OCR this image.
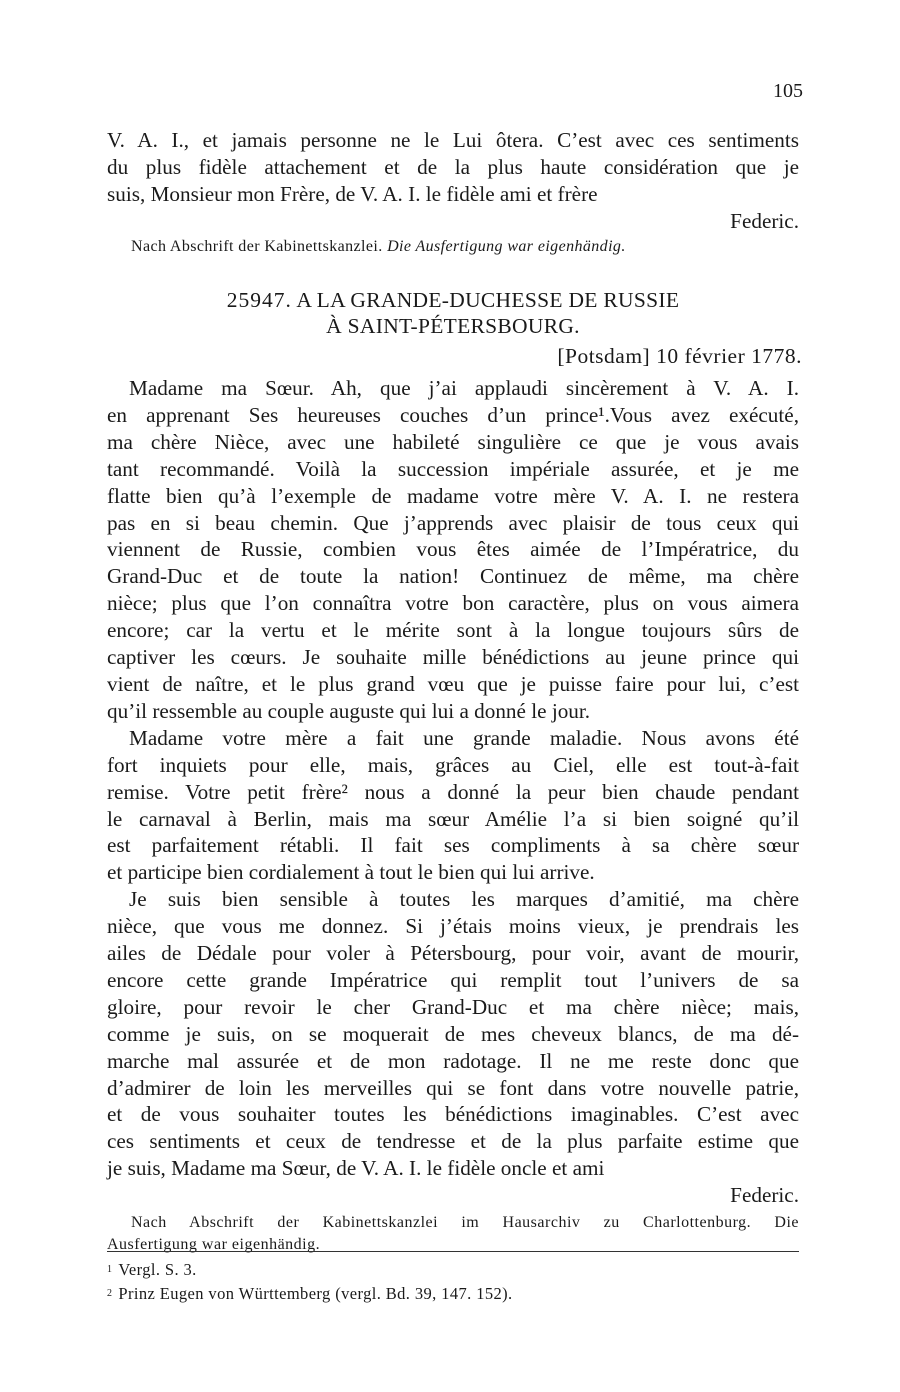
105
V. A. I., et jamais personne ne le Lui ôtera. C’est avec ces sentiments
du plus fidèle attachement et de la plus haute considération que je
suis, Monsieur mon Frère, de V. A. I. le fidèle ami et frère
Federic.
Nach Abschrift der Kabinettskanzlei. Die Ausfertigung war eigenhändig.
25947. A LA GRANDE-DUCHESSE DE RUSSIE
À SAINT-PÉTERSBOURG.
[Potsdam] 10 février 1778.
Madame ma Sœur. Ah, que j’ai applaudi sincèrement à V. A. I.
en apprenant Ses heureuses couches d’un prince¹.Vous avez exécuté,
ma chère Nièce, avec une habileté singulière ce que je vous avais
tant recommandé. Voilà la succession impériale assurée, et je me
flatte bien qu’à l’exemple de madame votre mère V. A. I. ne restera
pas en si beau chemin. Que j’apprends avec plaisir de tous ceux qui
viennent de Russie, combien vous êtes aimée de l’Impératrice, du
Grand-Duc et de toute la nation! Continuez de même, ma chère
nièce; plus que l’on connaîtra votre bon caractère, plus on vous aimera
encore; car la vertu et le mérite sont à la longue toujours sûrs de
captiver les cœurs. Je souhaite mille bénédictions au jeune prince qui
vient de naître, et le plus grand vœu que je puisse faire pour lui, c’est
qu’il ressemble au couple auguste qui lui a donné le jour.
Madame votre mère a fait une grande maladie. Nous avons été
fort inquiets pour elle, mais, grâces au Ciel, elle est tout-à-fait
remise. Votre petit frère² nous a donné la peur bien chaude pendant
le carnaval à Berlin, mais ma sœur Amélie l’a si bien soigné qu’il
est parfaitement rétabli. Il fait ses compliments à sa chère sœur
et participe bien cordialement à tout le bien qui lui arrive.
Je suis bien sensible à toutes les marques d’amitié, ma chère
nièce, que vous me donnez. Si j’étais moins vieux, je prendrais les
ailes de Dédale pour voler à Pétersbourg, pour voir, avant de mourir,
encore cette grande Impératrice qui remplit tout l’univers de sa
gloire, pour revoir le cher Grand-Duc et ma chère nièce; mais,
comme je suis, on se moquerait de mes cheveux blancs, de ma dé-
marche mal assurée et de mon radotage. Il ne me reste donc que
d’admirer de loin les merveilles qui se font dans votre nouvelle patrie,
et de vous souhaiter toutes les bénédictions imaginables. C’est avec
ces sentiments et ceux de tendresse et de la plus parfaite estime que
je suis, Madame ma Sœur, de V. A. I. le fidèle oncle et ami
Federic.
Nach Abschrift der Kabinettskanzlei im Hausarchiv zu Charlottenburg. Die
Ausfertigung war eigenhändig.
$^1$ Vergl. S. 3.
$^2$ Prinz Eugen von Württemberg (vergl. Bd. 39, 147. 152).
